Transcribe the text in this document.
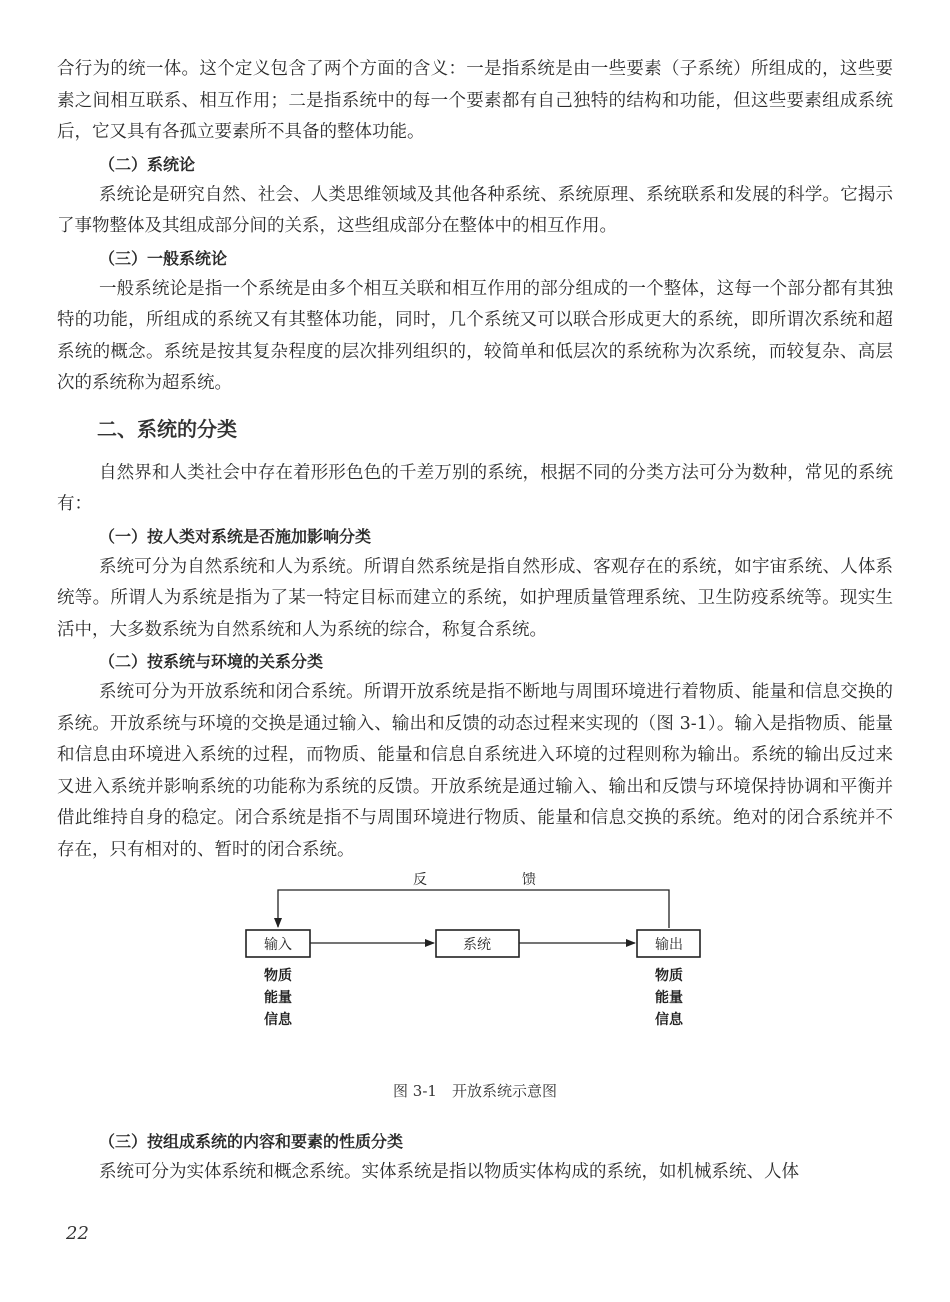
合行为的统一体。这个定义包含了两个方面的含义：一是指系统是由一些要素（子系统）所组成的，这些要素之间相互联系、相互作用；二是指系统中的每一个要素都有自己独特的结构和功能，但这些要素组成系统后，它又具有各孤立要素所不具备的整体功能。

（二）系统论

系统论是研究自然、社会、人类思维领域及其他各种系统、系统原理、系统联系和发展的科学。它揭示了事物整体及其组成部分间的关系，这些组成部分在整体中的相互作用。

（三）一般系统论

一般系统论是指一个系统是由多个相互关联和相互作用的部分组成的一个整体，这每一个部分都有其独特的功能，所组成的系统又有其整体功能，同时，几个系统又可以联合形成更大的系统，即所谓次系统和超系统的概念。系统是按其复杂程度的层次排列组织的，较简单和低层次的系统称为次系统，而较复杂、高层次的系统称为超系统。

二、系统的分类

自然界和人类社会中存在着形形色色的千差万别的系统，根据不同的分类方法可分为数种，常见的系统有：

（一）按人类对系统是否施加影响分类

系统可分为自然系统和人为系统。所谓自然系统是指自然形成、客观存在的系统，如宇宙系统、人体系统等。所谓人为系统是指为了某一特定目标而建立的系统，如护理质量管理系统、卫生防疫系统等。现实生活中，大多数系统为自然系统和人为系统的综合，称复合系统。

（二）按系统与环境的关系分类

系统可分为开放系统和闭合系统。所谓开放系统是指不断地与周围环境进行着物质、能量和信息交换的系统。开放系统与环境的交换是通过输入、输出和反馈的动态过程来实现的（图 3-1）。输入是指物质、能量和信息由环境进入系统的过程，而物质、能量和信息自系统进入环境的过程则称为输出。系统的输出反过来又进入系统并影响系统的功能称为系统的反馈。开放系统是通过输入、输出和反馈与环境保持协调和平衡并借此维持自身的稳定。闭合系统是指不与周围环境进行物质、能量和信息交换的系统。绝对的闭合系统并不存在，只有相对的、暂时的闭合系统。

反	馈
输入	系统	输出
物质
能量
信息
物质
能量
信息
图 3-1　开放系统示意图
（三）按组成系统的内容和要素的性质分类

系统可分为实体系统和概念系统。实体系统是指以物质实体构成的系统，如机械系统、人体

22
